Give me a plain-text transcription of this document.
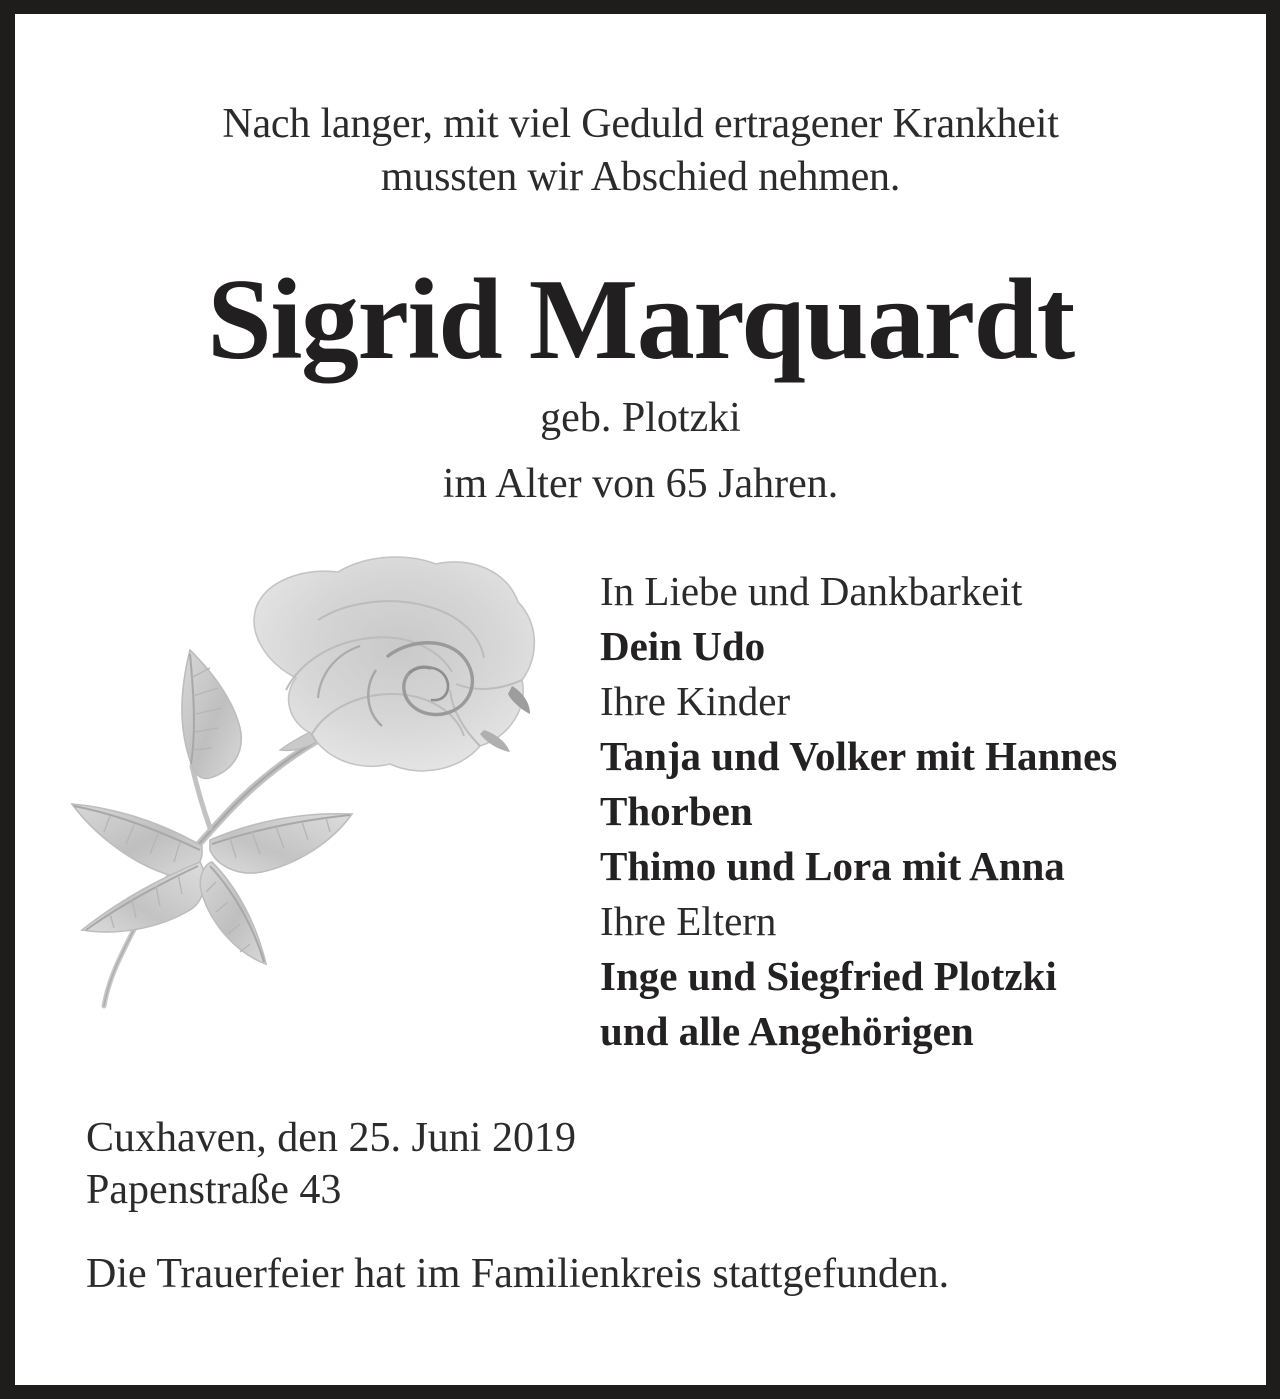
Nach langer, mit viel Geduld ertragener Krankheit
mussten wir Abschied nehmen.
Sigrid Marquardt
geb. Plotzki
im Alter von 65 Jahren.
In Liebe und Dankbarkeit
Dein Udo
Ihre Kinder
Tanja und Volker mit Hannes
Thorben
Thimo und Lora mit Anna
Ihre Eltern
Inge und Siegfried Plotzki
und alle Angehörigen
Cuxhaven, den 25. Juni 2019
Papenstraße 43
Die Trauerfeier hat im Familienkreis stattgefunden.
